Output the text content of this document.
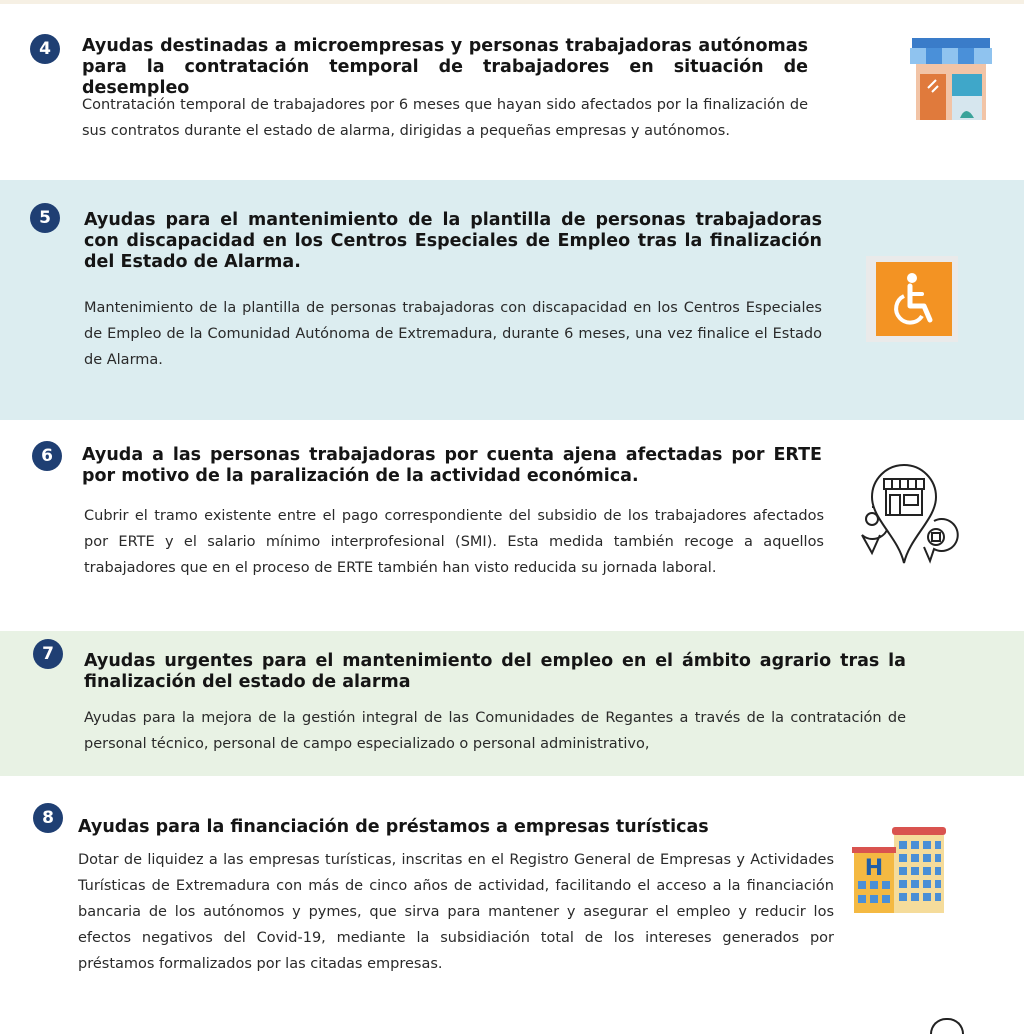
4	Ayudas destinadas a microempresas y personas trabajadoras autónomas para la contratación temporal de trabajadores en situación de desempleo

Contratación temporal de trabajadores por 6 meses que hayan sido afectados por la finalización de sus contratos durante el estado de alarma, dirigidas a pequeñas empresas y autónomos.

5	Ayudas para el mantenimiento de la plantilla de personas trabajadoras con discapacidad en los Centros Especiales de Empleo tras la finalización del Estado de Alarma.

Mantenimiento de la plantilla de personas trabajadoras con discapacidad en los Centros Especiales de Empleo de la Comunidad Autónoma de Extremadura, durante 6 meses, una vez finalice el Estado de Alarma.

6	Ayuda a las personas trabajadoras por cuenta ajena afectadas por ERTE por motivo de la paralización de la actividad económica.

Cubrir el tramo existente entre el pago correspondiente del subsidio de los trabajadores afectados por ERTE y el salario mínimo interprofesional (SMI). Esta medida también recoge a aquellos trabajadores que en el proceso de ERTE también han visto reducida su jornada laboral.

7	Ayudas urgentes para el mantenimiento del empleo en el ámbito agrario tras la finalización del estado de alarma

Ayudas para la mejora de la gestión integral de las Comunidades de Regantes a través de la contratación de personal técnico, personal de campo especializado o personal administrativo,

8	Ayudas para la financiación de préstamos a empresas turísticas

Dotar de liquidez a las empresas turísticas, inscritas en el Registro General de Empresas y Actividades Turísticas de Extremadura con más de cinco años de actividad, facilitando el acceso a la financiación bancaria de los autónomos y pymes, que sirva para mantener y asegurar el empleo y reducir los efectos negativos del Covid-19, mediante la subsidiación total de los intereses generados por préstamos formalizados por las citadas empresas.

H
